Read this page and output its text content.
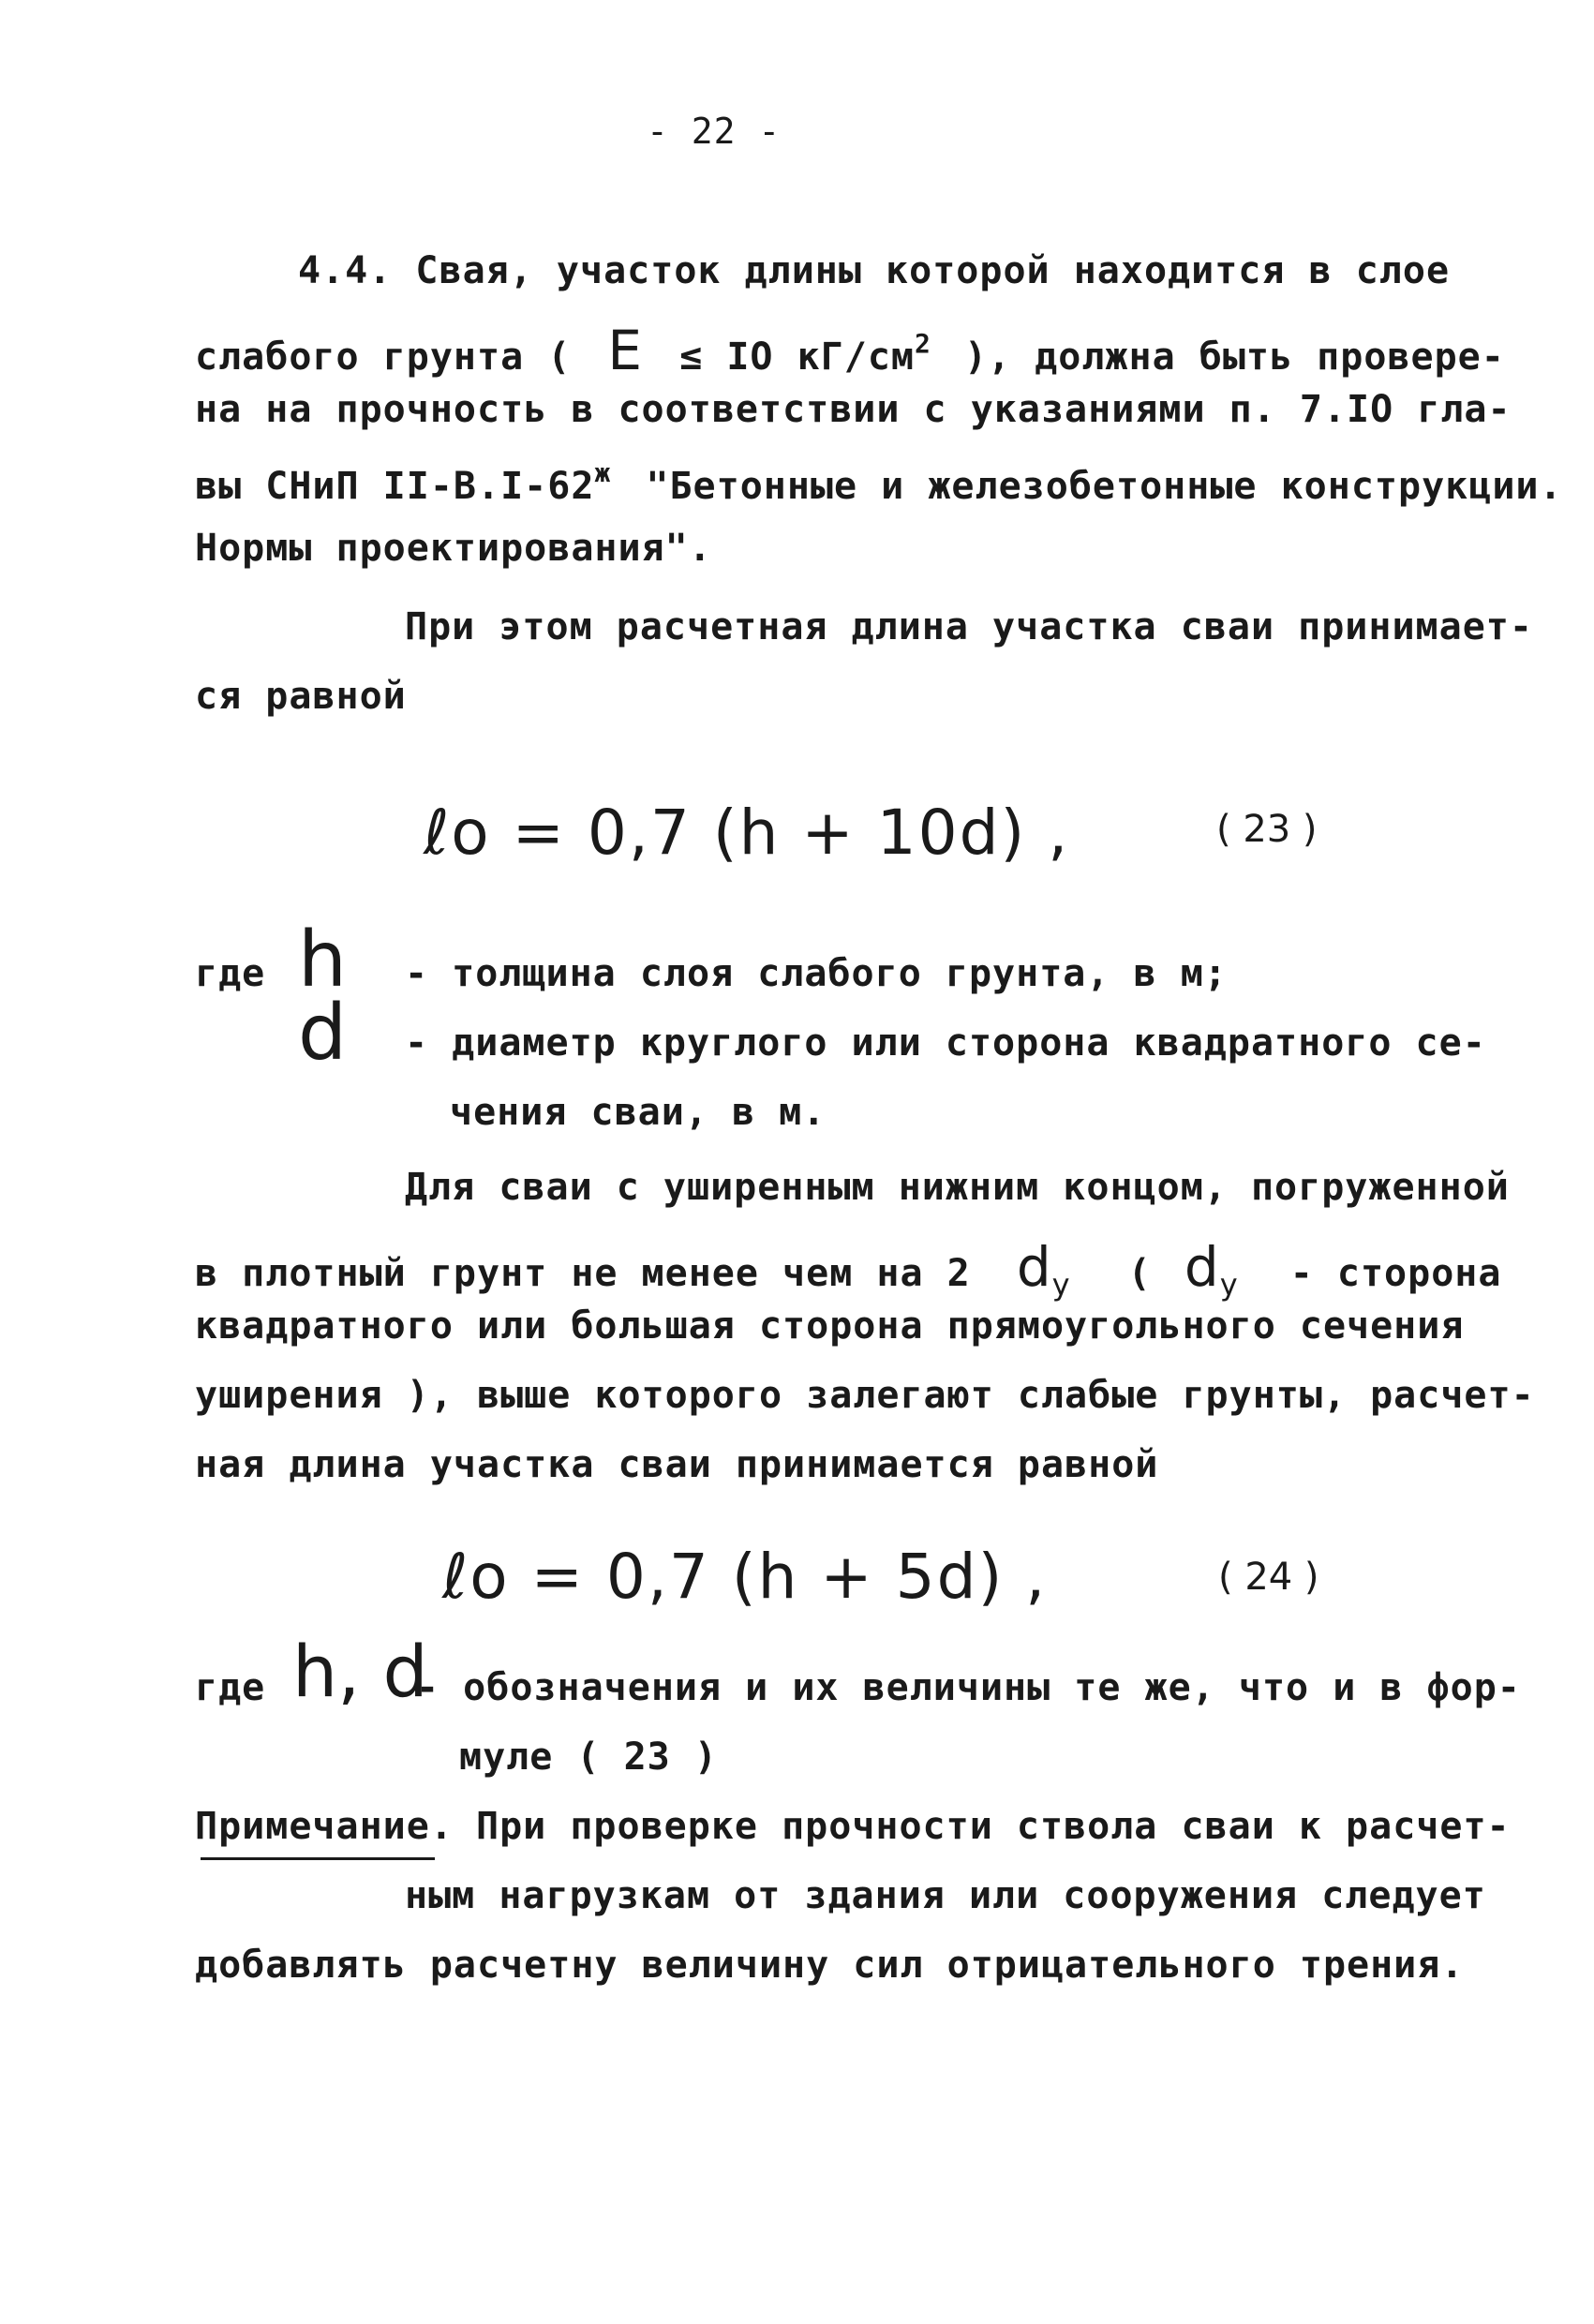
- 22 -
4.4. Свая, участок длины которой находится в слое
слабого грунта ( E ≤ IO $кГ/см^2$ ), должна быть провере-
на на прочность в соответствии с указаниями п. 7.IO гла-
вы СНиП $II-В.I-62^ж$ "Бетонные и железобетонные конструкции.
Нормы проектирования".
При этом расчетная длина участка сваи принимает-
ся равной
ℓo = 0,7 (h + 10d) ,	( 23 )
где h - толщина слоя слабого грунта, в м;
d - диаметр круглого или сторона квадратного се-
чения сваи, в м.
Для сваи с уширенным нижним концом, погруженной
в плотный грунт не менее чем на 2 $d_у$ ( $d_у$ - сторона
квадратного или большая сторона прямоугольного сечения
уширения ), выше которого залегают слабые грунты, расчет-
ная длина участка сваи принимается равной
ℓo = 0,7 (h + 5d) ,	( 24 )
где h, d
- обозначения и их величины те же, что и в фор-
муле ( 23 )
Примечание. При проверке прочности ствола сваи к расчет-
ным нагрузкам от здания или сооружения следует
добавлять расчетну величину сил отрицательного трения.
